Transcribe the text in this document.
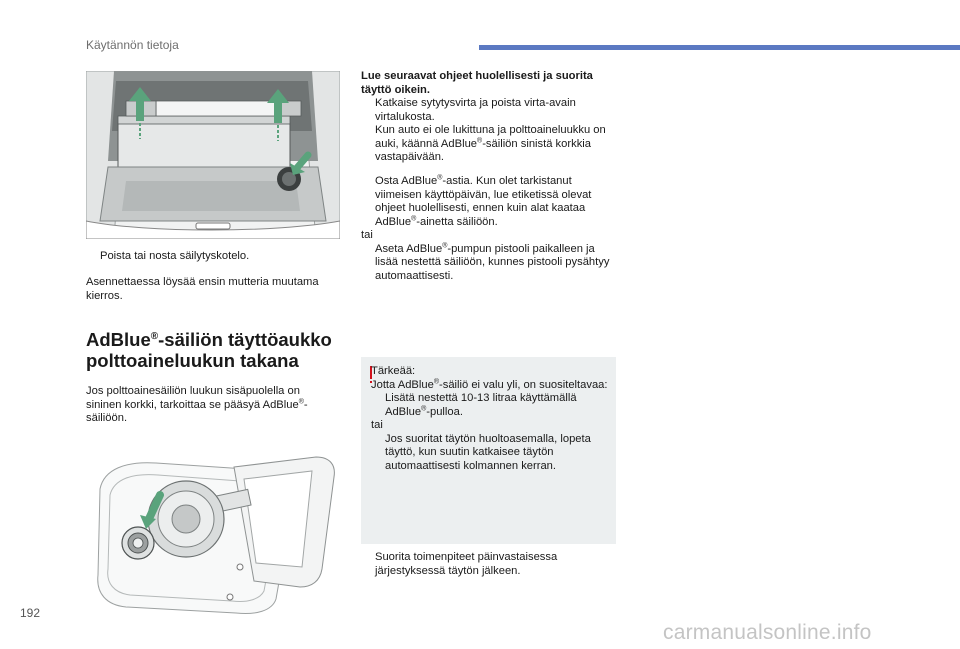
Käytännön tietoja
Poista tai nosta säilytyskotelo.
Asennettaessa löysää ensin mutteria muutama kierros.
AdBlue®-säiliön täyttöaukko polttoaineluukun takana
Jos polttoainesäiliön luukun sisäpuolella on sininen korkki, tarkoittaa se pääsyä AdBlue®-säiliöön.
Lue seuraavat ohjeet huolellisesti ja suorita täyttö oikein.
Katkaise sytytysvirta ja poista virta-avain virtalukosta.
Kun auto ei ole lukittuna ja polttoaineluukku on auki, käännä AdBlue®-säiliön sinistä korkkia vastapäivään.
Osta AdBlue®-astia. Kun olet tarkistanut viimeisen käyttöpäivän, lue etiketissä olevat ohjeet huolellisesti, ennen kuin alat kaataa AdBlue®-ainetta säiliöön.
tai
Aseta AdBlue®-pumpun pistooli paikalleen ja lisää nestettä säiliöön, kunnes pistooli pysähtyy automaattisesti.
Tärkeää:
Jotta AdBlue®-säiliö ei valu yli, on suositeltavaa:
Lisätä nestettä 10-13 litraa käyttämällä AdBlue®-pulloa.
tai
Jos suoritat täytön huoltoasemalla, lopeta täyttö, kun suutin katkaisee täytön automaattisesti kolmannen kerran.
Suorita toimenpiteet päinvastaisessa järjestyksessä täytön jälkeen.
192
carmanualsonline.info
